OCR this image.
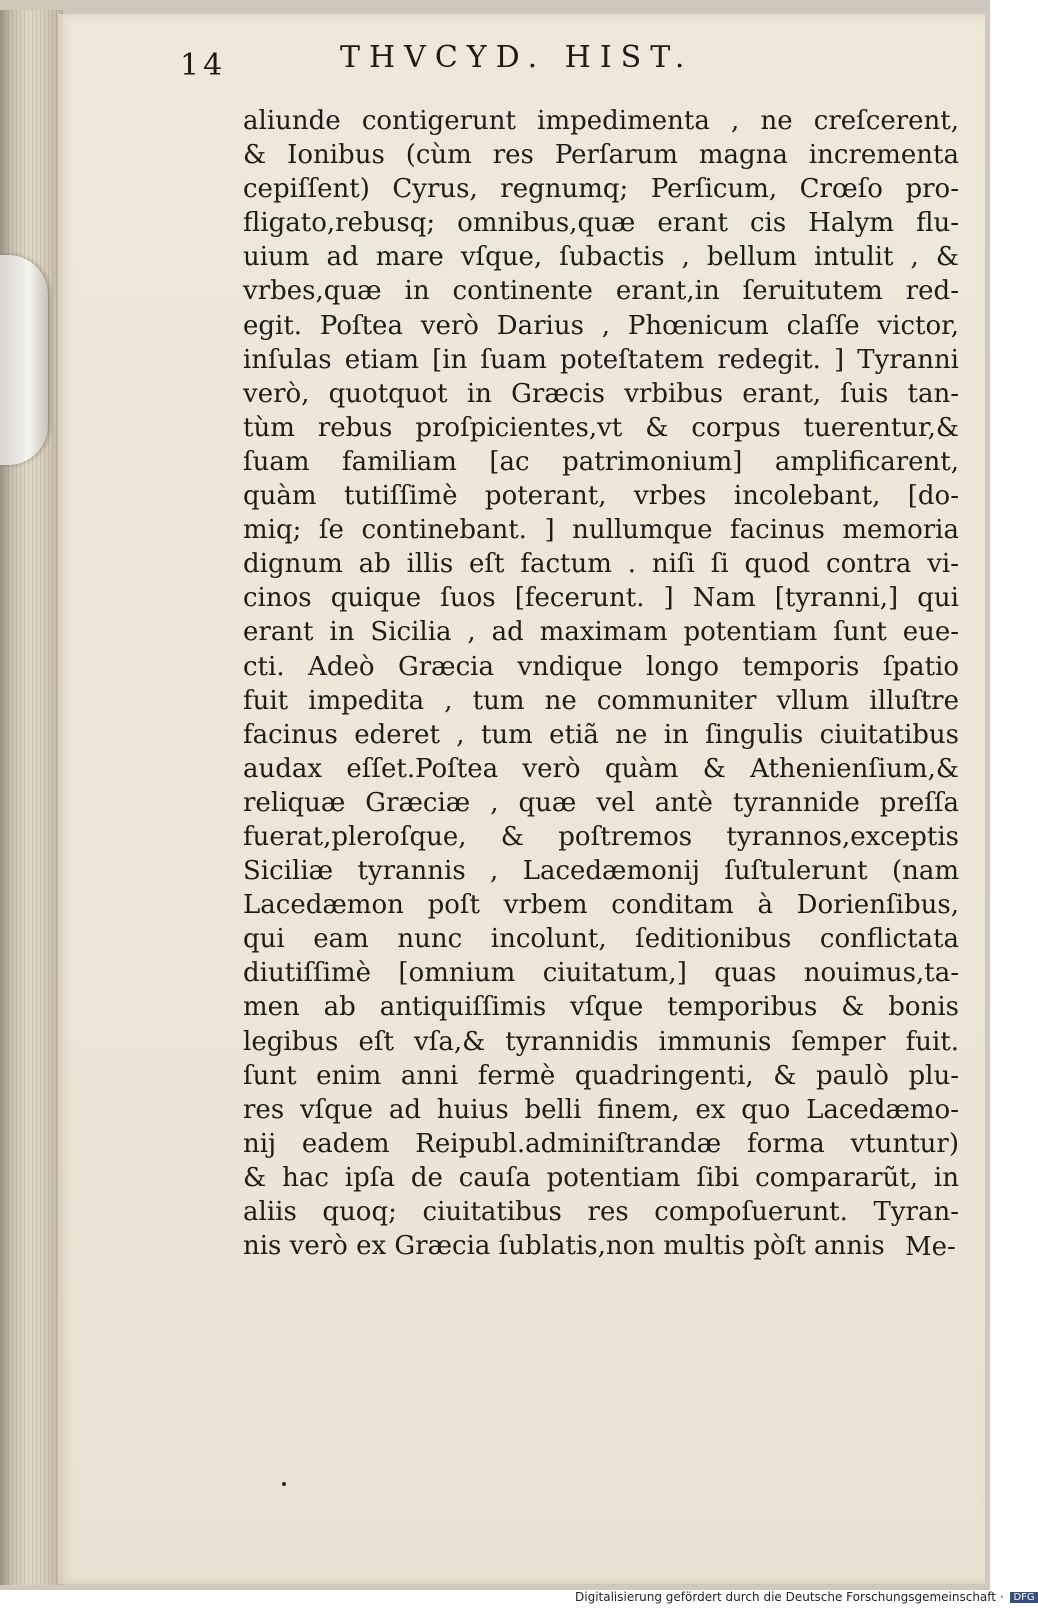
14	THVCYD. HIST.
aliunde contigerunt impedimenta , ne creſcerent,
& Ionibus (cùm res Perſarum magna incrementa
cepiſſent) Cyrus, regnumq; Perſicum, Crœſo pro-
fligato,rebusq; omnibus,quæ erant cis Halym flu-
uium ad mare vſque, ſubactis , bellum intulit , &
vrbes,quæ in continente erant,in ſeruitutem red-
egit. Poſtea verò Darius , Phœnicum claſſe victor,
inſulas etiam [in ſuam poteſtatem redegit. ] Tyranni
verò, quotquot in Græcis vrbibus erant, ſuis tan-
tùm rebus proſpicientes,vt & corpus tuerentur,&
ſuam familiam [ac patrimonium] amplificarent,
quàm tutiſſimè poterant, vrbes incolebant, [do-
miq; ſe continebant. ] nullumque facinus memoria
dignum ab illis eſt factum . niſi ſi quod contra vi-
cinos quique ſuos [fecerunt. ] Nam [tyranni,] qui
erant in Sicilia , ad maximam potentiam ſunt eue-
cti. Adeò Græcia vndique longo temporis ſpatio
fuit impedita , tum ne communiter vllum illuſtre
facinus ederet , tum etiã ne in ſingulis ciuitatibus
audax eſſet.Poſtea verò quàm & Athenienſium,&
reliquæ Græciæ , quæ vel antè tyrannide preſſa
fuerat,pleroſque, & poſtremos tyrannos,exceptis
Siciliæ tyrannis , Lacedæmonij ſuſtulerunt (nam
Lacedæmon poſt vrbem conditam à Dorienſibus,
qui eam nunc incolunt, ſeditionibus conflictata
diutiſſimè [omnium ciuitatum,] quas nouimus,ta-
men ab antiquiſſimis vſque temporibus & bonis
legibus eſt vſa,& tyrannidis immunis ſemper fuit.
ſunt enim anni fermè quadringenti, & paulò plu-
res vſque ad huius belli finem, ex quo Lacedæmo-
nij eadem Reipubl.adminiſtrandæ forma vtuntur)
& hac ipſa de cauſa potentiam ſibi compararũt, in
aliis quoq; ciuitatibus res compoſuerunt. Tyran-
nis verò ex Græcia ſublatis,non multis pòſt annis Me-
Digitalisierung gefördert durch die Deutsche Forschungsgemeinschaft · DFG
